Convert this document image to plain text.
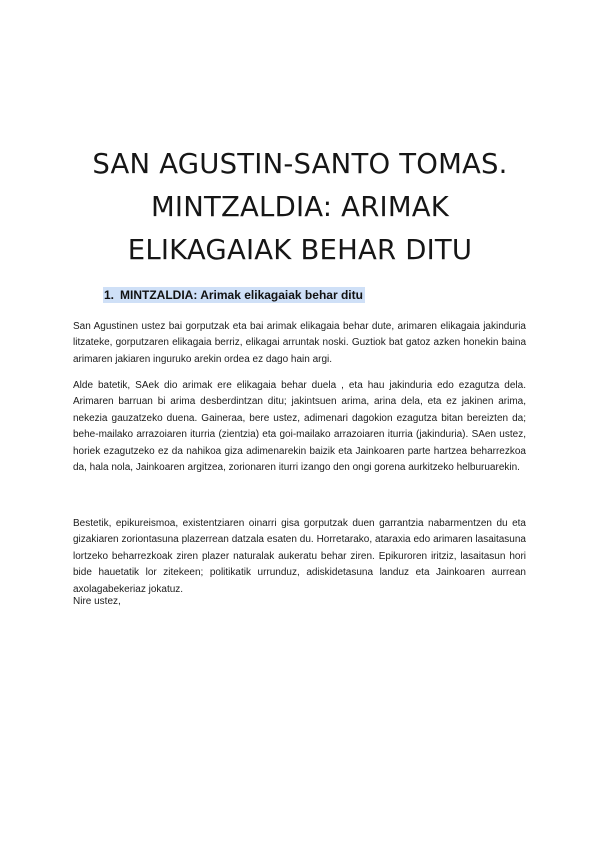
SAN AGUSTIN-SANTO TOMAS.
MINTZALDIA: ARIMAK
ELIKAGAIAK BEHAR DITU
1. MINTZALDIA: Arimak elikagaiak behar ditu

San Agustinen ustez bai gorputzak eta bai arimak elikagaia behar dute, arimaren elikagaia jakinduria litzateke, gorputzaren elikagaia berriz, elikagai arruntak noski. Guztiok bat gatoz azken honekin baina arimaren jakiaren inguruko arekin ordea ez dago hain argi.

Alde batetik, SAek dio arimak ere elikagaia behar duela , eta hau jakinduria edo ezagutza dela. Arimaren barruan bi arima desberdintzan ditu; jakintsuen arima, arina dela, eta ez jakinen arima, nekezia gauzatzeko duena. Gaineraa, bere ustez, adimenari dagokion ezagutza bitan bereizten da; behe-mailako arrazoiaren iturria (zientzia) eta goi-mailako arrazoiaren iturria (jakinduria). SAen ustez, horiek ezagutzeko ez da nahikoa giza adimenarekin baizik eta Jainkoaren parte hartzea beharrezkoa da, hala nola, Jainkoaren argitzea, zorionaren iturri izango den ongi gorena aurkitzeko helburuarekin.

Bestetik, epikureismoa, existentziaren oinarri gisa gorputzak duen garrantzia nabarmentzen du eta gizakiaren zoriontasuna plazerrean datzala esaten du. Horretarako, ataraxia edo arimaren lasaitasuna lortzeko beharrezkoak ziren plazer naturalak aukeratu behar ziren. Epikuroren iritziz, lasaitasun hori bide hauetatik lor zitekeen; politikatik urrunduz, adiskidetasuna landuz eta Jainkoaren aurrean axolagabekeriaz jokatuz.

Nire ustez,
